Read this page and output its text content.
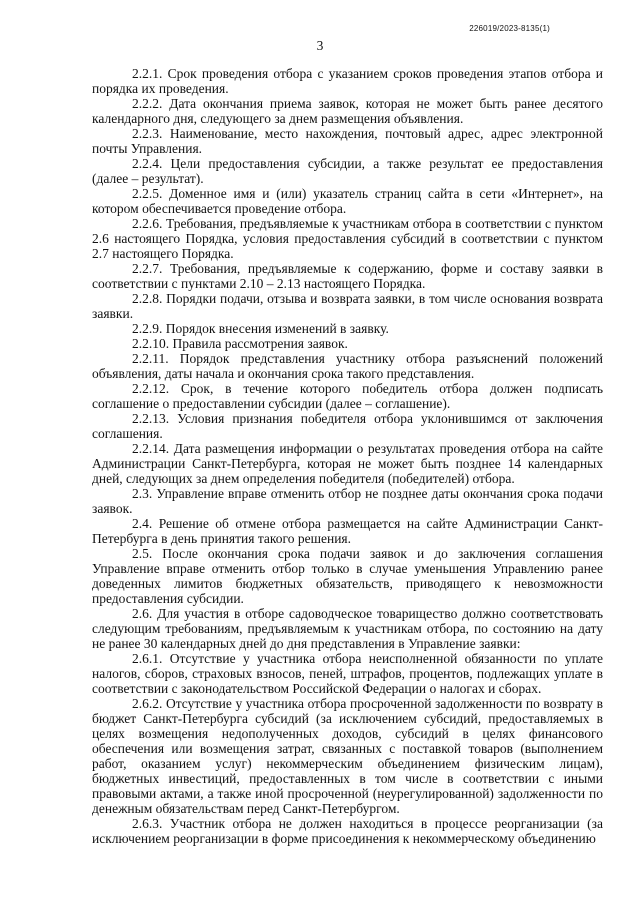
226019/2023-8135(1)
3

2.2.1. Срок проведения отбора с указанием сроков проведения этапов отбора и порядка их проведения.

2.2.2. Дата окончания приема заявок, которая не может быть ранее десятого календарного дня, следующего за днем размещения объявления.

2.2.3. Наименование, место нахождения, почтовый адрес, адрес электронной почты Управления.

2.2.4. Цели предоставления субсидии, а также результат ее предоставления (далее – результат).

2.2.5. Доменное имя и (или) указатель страниц сайта в сети «Интернет», на котором обеспечивается проведение отбора.

2.2.6. Требования, предъявляемые к участникам отбора в соответствии с пунктом 2.6 настоящего Порядка, условия предоставления субсидий в соответствии с пунктом 2.7 настоящего Порядка.

2.2.7. Требования, предъявляемые к содержанию, форме и составу заявки в соответствии с пунктами 2.10 – 2.13 настоящего Порядка.

2.2.8. Порядки подачи, отзыва и возврата заявки, в том числе основания возврата заявки.

2.2.9. Порядок внесения изменений в заявку.

2.2.10. Правила рассмотрения заявок.

2.2.11. Порядок представления участнику отбора разъяснений положений объявления, даты начала и окончания срока такого представления.

2.2.12. Срок, в течение которого победитель отбора должен подписать соглашение о предоставлении субсидии (далее – соглашение).

2.2.13. Условия признания победителя отбора уклонившимся от заключения соглашения.

2.2.14. Дата размещения информации о результатах проведения отбора на сайте Администрации Санкт-Петербурга, которая не может быть позднее 14 календарных дней, следующих за днем определения победителя (победителей) отбора.

2.3. Управление вправе отменить отбор не позднее даты окончания срока подачи заявок.

2.4. Решение об отмене отбора размещается на сайте Администрации Санкт-Петербурга в день принятия такого решения.

2.5. После окончания срока подачи заявок и до заключения соглашения Управление вправе отменить отбор только в случае уменьшения Управлению ранее доведенных лимитов бюджетных обязательств, приводящего к невозможности предоставления субсидии.

2.6. Для участия в отборе садоводческое товарищество должно соответствовать следующим требованиям, предъявляемым к участникам отбора, по состоянию на дату не ранее 30 календарных дней до дня представления в Управление заявки:

2.6.1. Отсутствие у участника отбора неисполненной обязанности по уплате налогов, сборов, страховых взносов, пеней, штрафов, процентов, подлежащих уплате в соответствии с законодательством Российской Федерации о налогах и сборах.

2.6.2. Отсутствие у участника отбора просроченной задолженности по возврату в бюджет Санкт-Петербурга субсидий (за исключением субсидий, предоставляемых в целях возмещения недополученных доходов, субсидий в целях финансового обеспечения или возмещения затрат, связанных с поставкой товаров (выполнением работ, оказанием услуг) некоммерческим объединением физическим лицам), бюджетных инвестиций, предоставленных в том числе в соответствии с иными правовыми актами, а также иной просроченной (неурегулированной) задолженности по денежным обязательствам перед Санкт-Петербургом.

2.6.3. Участник отбора не должен находиться в процессе реорганизации (за исключением реорганизации в форме присоединения к некоммерческому объединению
